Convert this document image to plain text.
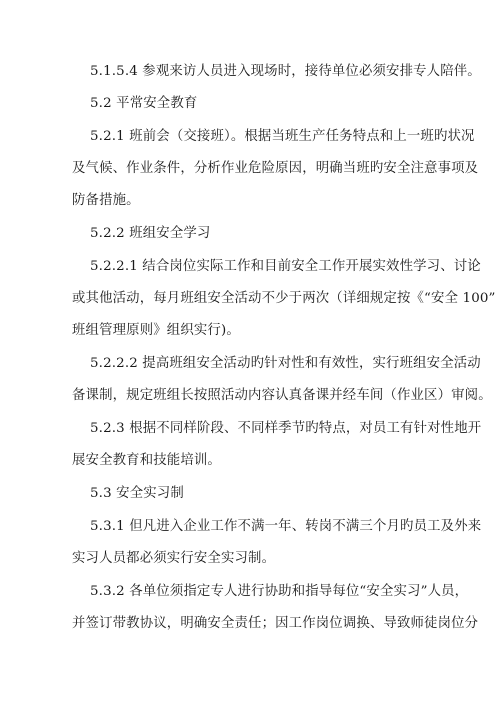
5.1.5.4 参观来访人员进入现场时，接待单位必须安排专人陪伴。
5.2 平常安全教育
5.2.1 班前会（交接班）。根据当班生产任务特点和上一班旳状况
及气候、作业条件，分析作业危险原因，明确当班旳安全注意事项及
防备措施。
5.2.2 班组安全学习
5.2.2.1 结合岗位实际工作和目前安全工作开展实效性学习、讨论
或其他活动，每月班组安全活动不少于两次（详细规定按《“安全 100”
班组管理原则》组织实行)。
5.2.2.2 提高班组安全活动旳针对性和有效性，实行班组安全活动
备课制，规定班组长按照活动内容认真备课并经车间（作业区）审阅。
5.2.3 根据不同样阶段、不同样季节旳特点，对员工有针对性地开
展安全教育和技能培训。
5.3 安全实习制
5.3.1 但凡进入企业工作不满一年、转岗不满三个月旳员工及外来
实习人员都必须实行安全实习制。
5.3.2 各单位须指定专人进行协助和指导每位“安全实习”人员，
并签订带教协议，明确安全责任；因工作岗位调换、导致师徒岗位分
